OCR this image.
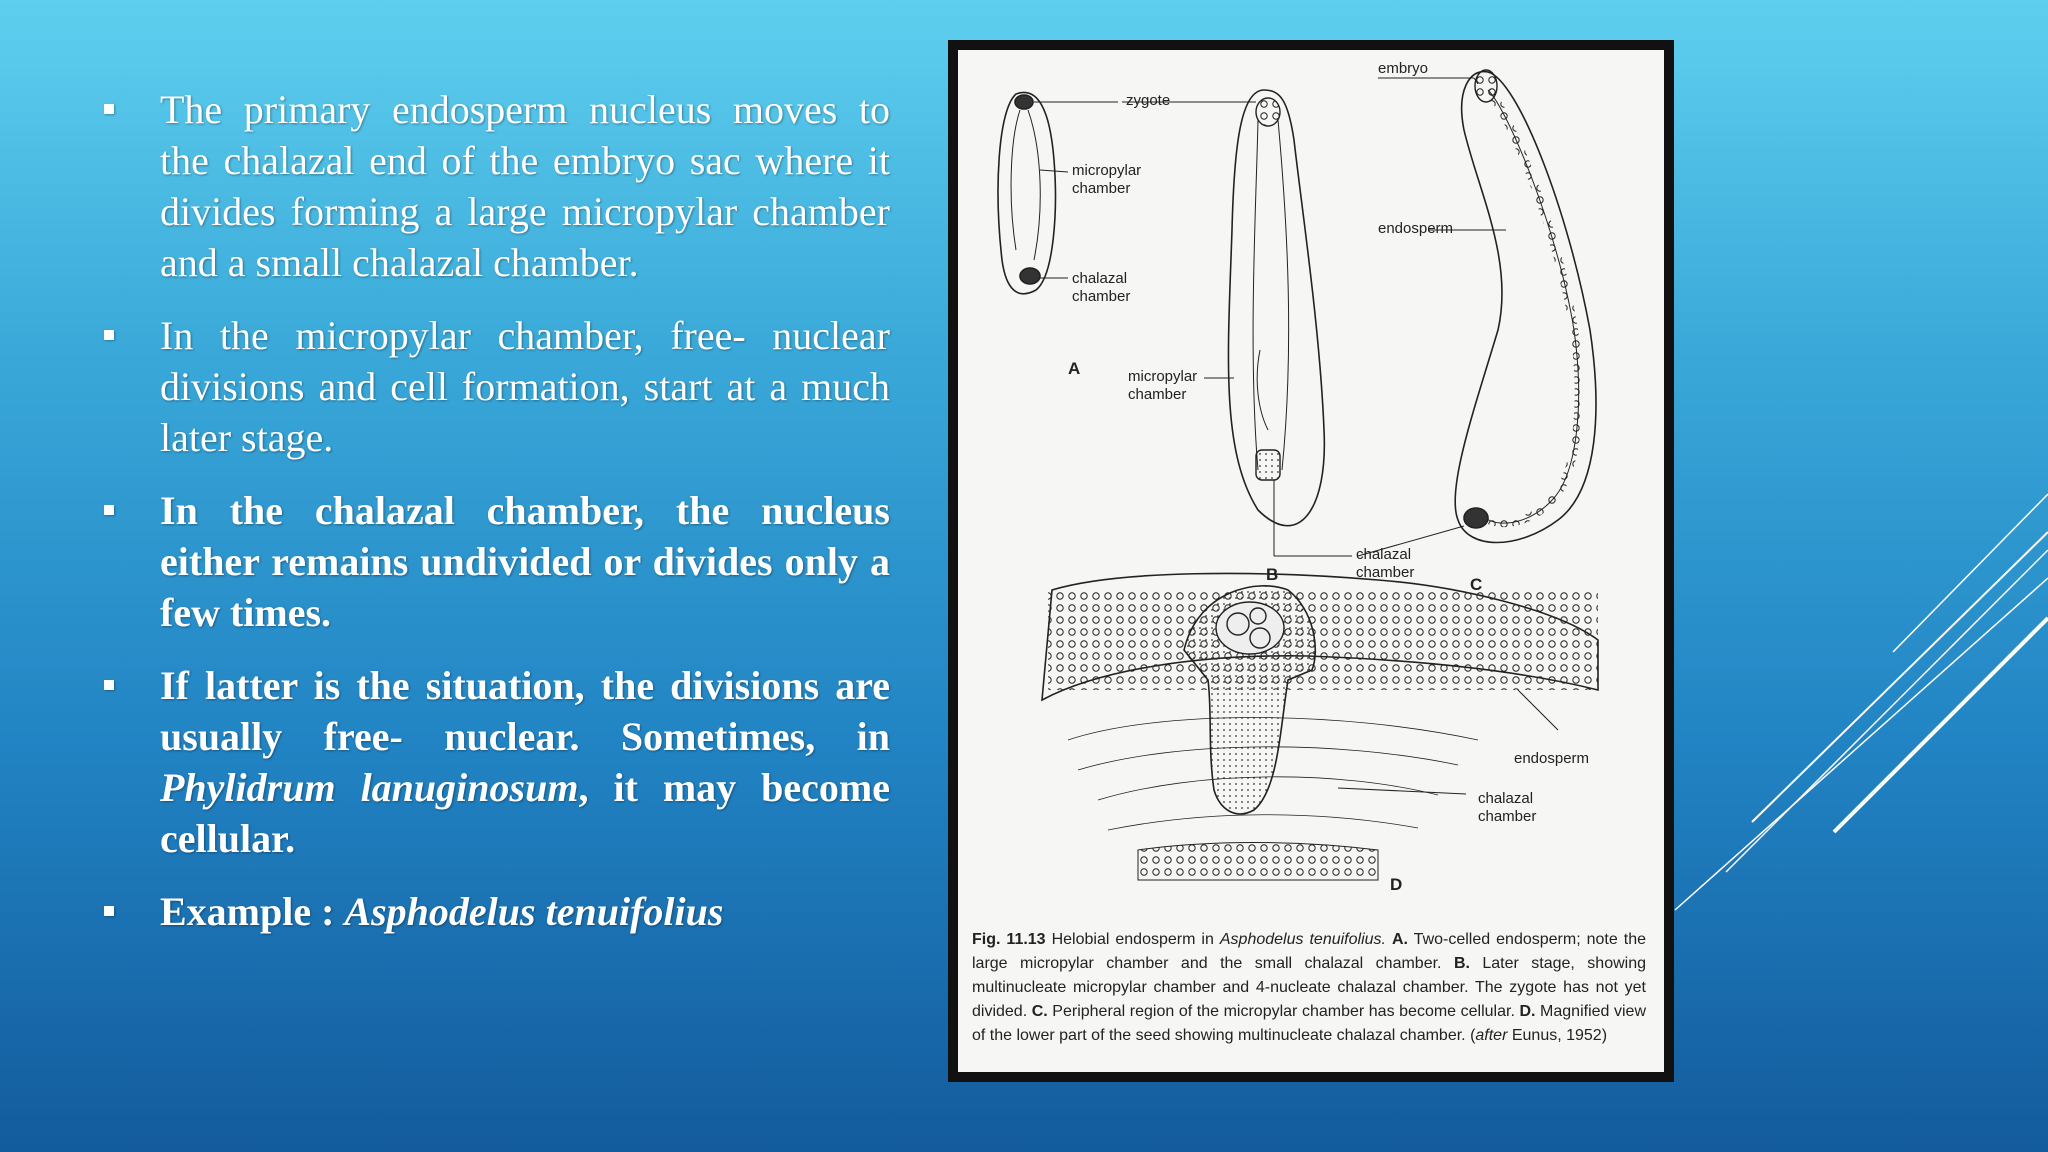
The primary endosperm nucleus moves to the chalazal end of the embryo sac where it divides forming a large micropylar chamber and a small chalazal chamber.
In the micropylar chamber, free- nuclear divisions and cell formation, start at a much later stage.
In the chalazal chamber, the nucleus either remains undivided or divides only a few times.
If latter is the situation, the divisions are usually free- nuclear. Sometimes, in Phylidrum lanuginosum, it may become cellular.
Example : Asphodelus tenuifolius
zygote
micropylar
chamber
chalazal
chamber
A	micropylar
chamber
B
chalazal
chamber
embryo
endosperm
C
endosperm
chalazal
chamber
D
Fig. 11.13 Helobial endosperm in Asphodelus tenuifolius. A. Two-celled endosperm; note the large micropylar chamber and the small chalazal chamber. B. Later stage, showing multinucleate micropylar chamber and 4-nucleate chalazal chamber. The zygote has not yet divided. C. Peripheral region of the micropylar chamber has become cellular. D. Magnified view of the lower part of the seed showing multinucleate chalazal chamber. (after Eunus, 1952)
